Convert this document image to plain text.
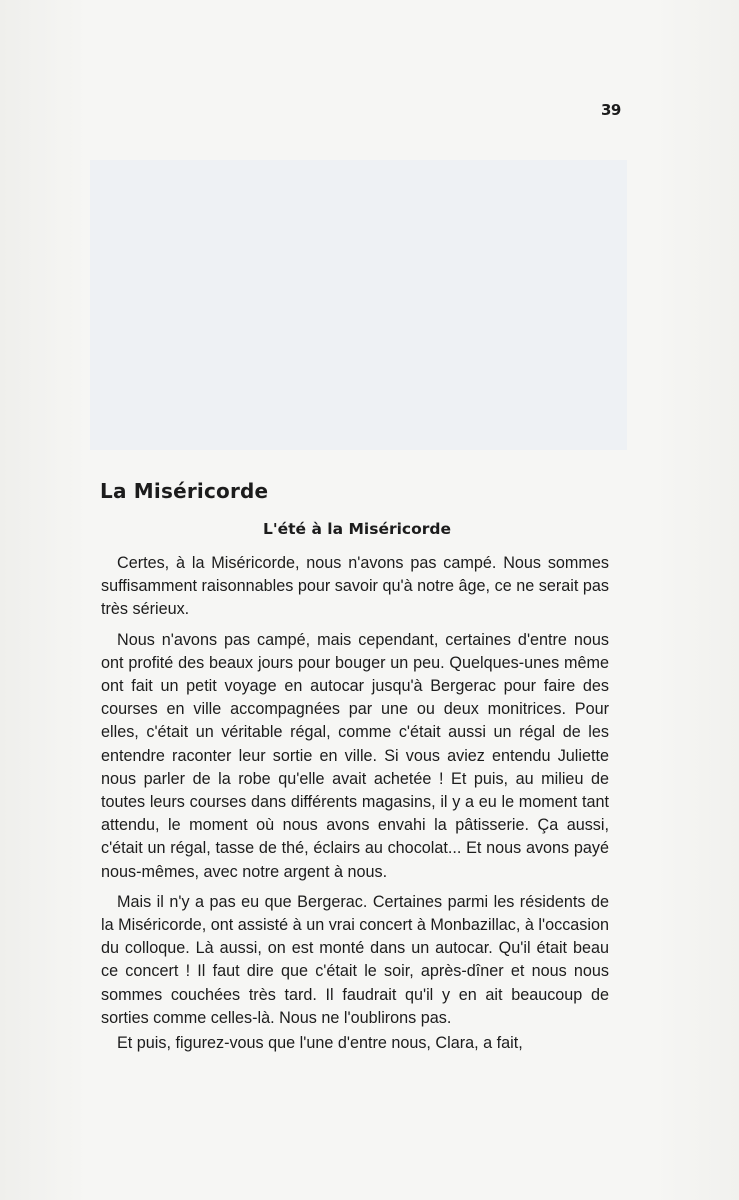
39
La Miséricorde
L'été à la Miséricorde

Certes, à la Miséricorde, nous n'avons pas campé. Nous sommes suffisamment raisonnables pour savoir qu'à notre âge, ce ne serait pas très sérieux.

Nous n'avons pas campé, mais cependant, certaines d'entre nous ont profité des beaux jours pour bouger un peu. Quelques-unes même ont fait un petit voyage en autocar jusqu'à Bergerac pour faire des courses en ville accompagnées par une ou deux monitrices. Pour elles, c'était un véritable régal, comme c'était aussi un régal de les entendre raconter leur sortie en ville. Si vous aviez entendu Juliette nous parler de la robe qu'elle avait achetée ! Et puis, au milieu de toutes leurs courses dans différents magasins, il y a eu le moment tant attendu, le moment où nous avons envahi la pâtisserie. Ça aussi, c'était un régal, tasse de thé, éclairs au chocolat... Et nous avons payé nous-mêmes, avec notre argent à nous.

Mais il n'y a pas eu que Bergerac. Certaines parmi les résidents de la Miséricorde, ont assisté à un vrai concert à Monbazillac, à l'occasion du colloque. Là aussi, on est monté dans un autocar. Qu'il était beau ce concert ! Il faut dire que c'était le soir, après-dîner et nous nous sommes couchées très tard. Il faudrait qu'il y en ait beaucoup de sorties comme celles-là. Nous ne l'oublirons pas.

Et puis, figurez-vous que l'une d'entre nous, Clara, a fait,
